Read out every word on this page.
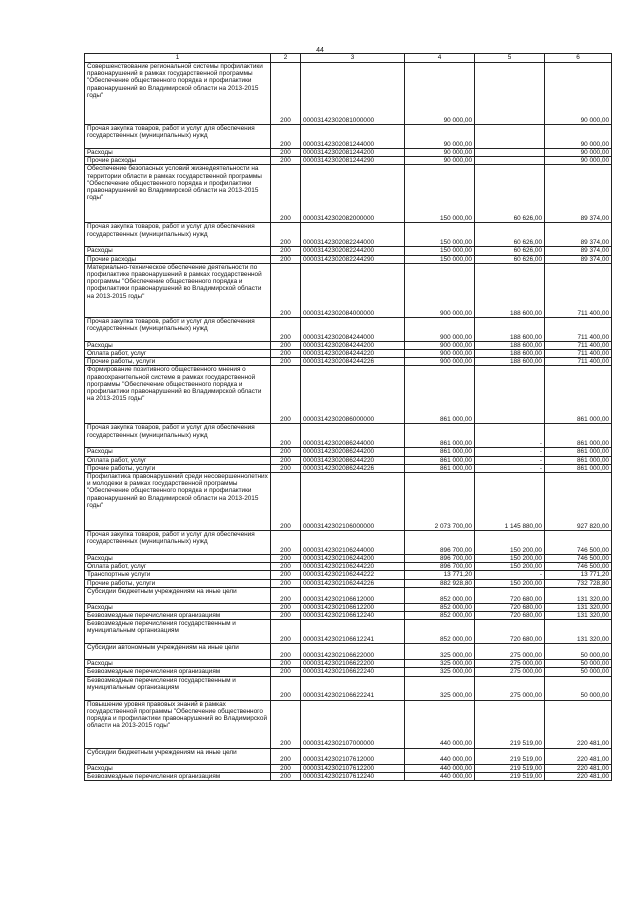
44
1	2	3	4	5	6
Совершенствование региональной системы профилактики правонарушений в рамках государственной программы "Обеспечение общественного порядка и профилактики правонарушений во Владимирской области на 2013-2015 годы"	200	00003142302081000000	90 000,00		90 000,00
Прочая закупка товаров, работ и услуг для обеспечения государственных (муниципальных) нужд	200	00003142302081244000	90 000,00		90 000,00
Расходы	200	00003142302081244200	90 000,00		90 000,00
Прочие расходы	200	00003142302081244290	90 000,00		90 000,00
Обеспечение безопасных условий жизнедеятельности на территории области в рамках государственной программы "Обеспечение общественного порядка и профилактики правонарушений во Владимирской области на 2013-2015 годы"	200	00003142302082000000	150 000,00	60 626,00	89 374,00
Прочая закупка товаров, работ и услуг для обеспечения государственных (муниципальных) нужд	200	00003142302082244000	150 000,00	60 626,00	89 374,00
Расходы	200	00003142302082244200	150 000,00	60 626,00	89 374,00
Прочие расходы	200	00003142302082244290	150 000,00	60 626,00	89 374,00
Материально-техническое обеспечение деятельности по профилактике правонарушений в рамках государственной программы "Обеспечение общественного порядка и профилактики правонарушений во Владимирской области на 2013-2015 годы"	200	00003142302084000000	900 000,00	188 600,00	711 400,00
Прочая закупка товаров, работ и услуг для обеспечения государственных (муниципальных) нужд	200	00003142302084244000	900 000,00	188 600,00	711 400,00
Расходы	200	00003142302084244200	900 000,00	188 600,00	711 400,00
Оплата работ, услуг	200	00003142302084244220	900 000,00	188 600,00	711 400,00
Прочие работы, услуги	200	00003142302084244226	900 000,00	188 600,00	711 400,00
Формирование позитивного общественного мнения о правоохранительной системе в рамках государственной программы "Обеспечение общественного порядка и профилактики правонарушений во Владимирской области на 2013-2015 годы"	200	00003142302086000000	861 000,00		861 000,00
Прочая закупка товаров, работ и услуг для обеспечения государственных (муниципальных) нужд	200	00003142302086244000	861 000,00	-	861 000,00
Расходы	200	00003142302086244200	861 000,00	-	861 000,00
Оплата работ, услуг	200	00003142302086244220	861 000,00	-	861 000,00
Прочие работы, услуги	200	00003142302086244226	861 000,00	-	861 000,00
Профилактика правонарушений среди несовершеннолетних и молодежи в рамках государственной программы "Обеспечение общественного порядка и профилактики правонарушений во Владимирской области на 2013-2015 годы"	200	00003142302106000000	2 073 700,00	1 145 880,00	927 820,00
Прочая закупка товаров, работ и услуг для обеспечения государственных (муниципальных) нужд	200	00003142302106244000	896 700,00	150 200,00	746 500,00
Расходы	200	00003142302106244200	896 700,00	150 200,00	746 500,00
Оплата работ, услуг	200	00003142302106244220	896 700,00	150 200,00	746 500,00
Транспортные услуги	200	00003142302106244222	13 771,20	-	13 771,20
Прочие работы, услуги	200	00003142302106244226	882 928,80	150 200,00	732 728,80
Субсидии бюджетным учреждениям на иные цели	200	00003142302106612000	852 000,00	720 680,00	131 320,00
Расходы	200	00003142302106612200	852 000,00	720 680,00	131 320,00
Безвозмездные перечисления организациям	200	00003142302106612240	852 000,00	720 680,00	131 320,00
Безвозмездные перечисления государственным и муниципальным организациям	200	00003142302106612241	852 000,00	720 680,00	131 320,00
Субсидии автономным учреждениям на иные цели	200	00003142302106622000	325 000,00	275 000,00	50 000,00
Расходы	200	00003142302106622200	325 000,00	275 000,00	50 000,00
Безвозмездные перечисления организациям	200	00003142302106622240	325 000,00	275 000,00	50 000,00
Безвозмездные перечисления государственным и муниципальным организациям	200	00003142302106622241	325 000,00	275 000,00	50 000,00
Повышение уровня правовых знаний в рамках государственной программы "Обеспечение общественного порядка и профилактики правонарушений во Владимирской области на 2013-2015 годы"	200	00003142302107000000	440 000,00	219 519,00	220 481,00
Субсидии бюджетным учреждениям на иные цели	200	00003142302107612000	440 000,00	219 519,00	220 481,00
Расходы	200	00003142302107612200	440 000,00	219 519,00	220 481,00
Безвозмездные перечисления организациям	200	00003142302107612240	440 000,00	219 519,00	220 481,00
